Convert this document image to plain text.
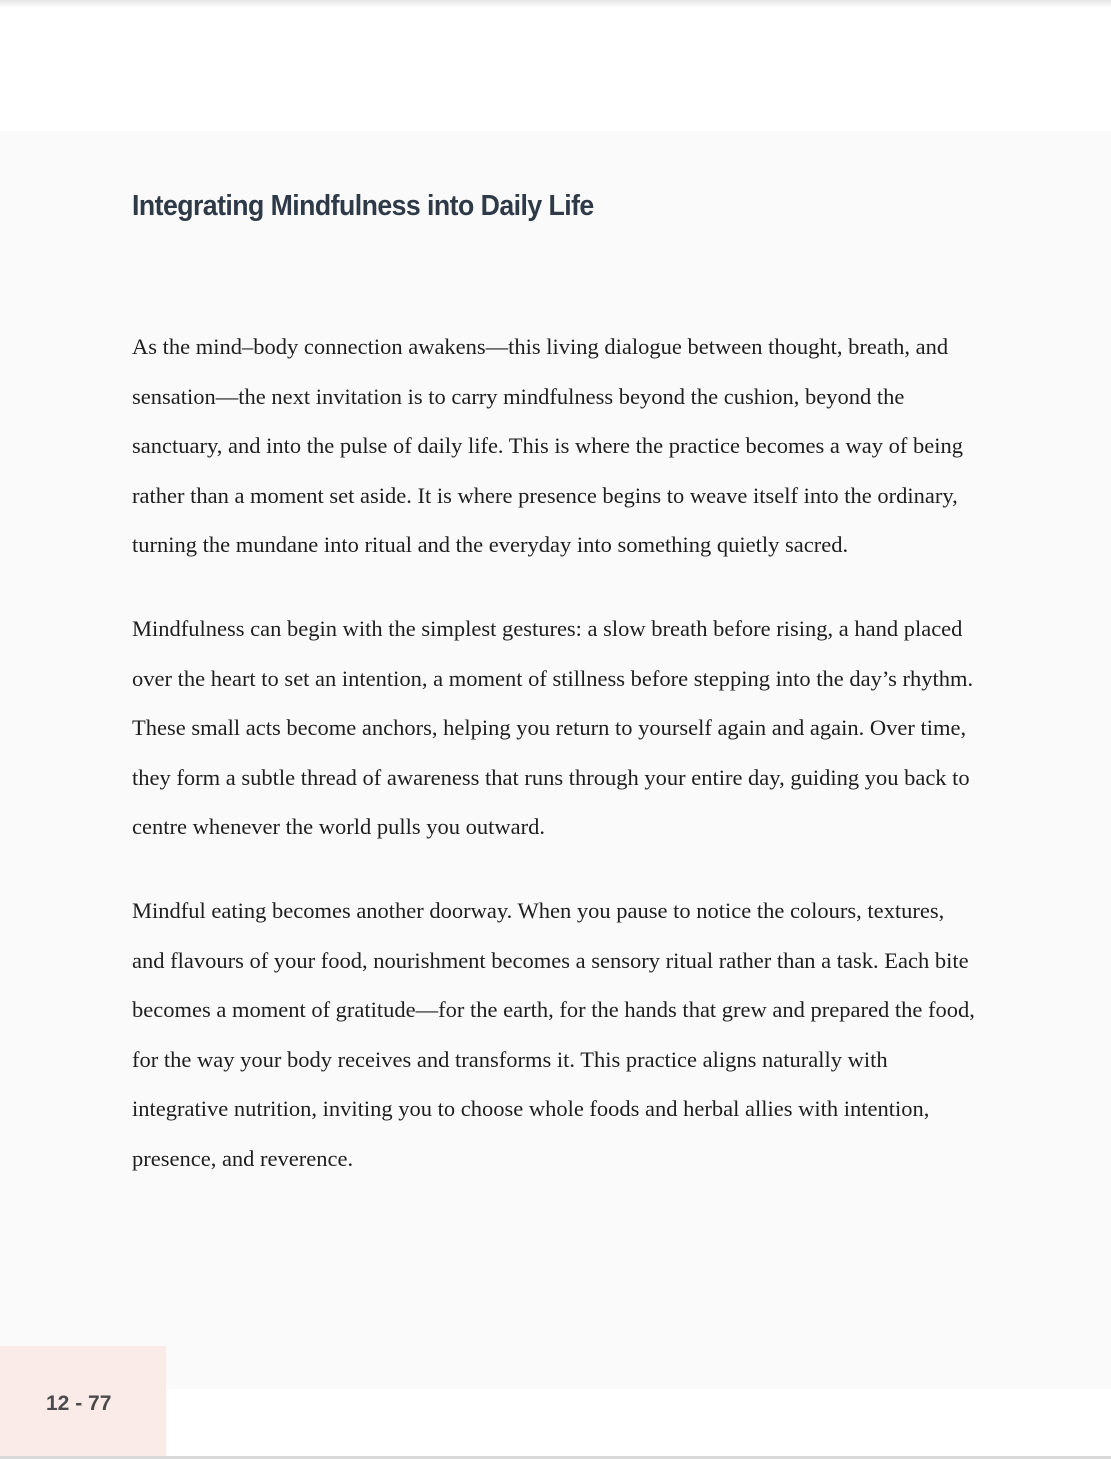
Integrating Mindfulness into Daily Life

As the mind–body connection awakens—this living dialogue between thought, breath, and sensation—the next invitation is to carry mindfulness beyond the cushion, beyond the sanctuary, and into the pulse of daily life. This is where the practice becomes a way of being rather than a moment set aside. It is where presence begins to weave itself into the ordinary, turning the mundane into ritual and the everyday into something quietly sacred.

Mindfulness can begin with the simplest gestures: a slow breath before rising, a hand placed over the heart to set an intention, a moment of stillness before stepping into the day’s rhythm. These small acts become anchors, helping you return to yourself again and again. Over time, they form a subtle thread of awareness that runs through your entire day, guiding you back to centre whenever the world pulls you outward.

Mindful eating becomes another doorway. When you pause to notice the colours, textures, and flavours of your food, nourishment becomes a sensory ritual rather than a task. Each bite becomes a moment of gratitude—for the earth, for the hands that grew and prepared the food, for the way your body receives and transforms it. This practice aligns naturally with integrative nutrition, inviting you to choose whole foods and herbal allies with intention, presence, and reverence.

12 - 77
